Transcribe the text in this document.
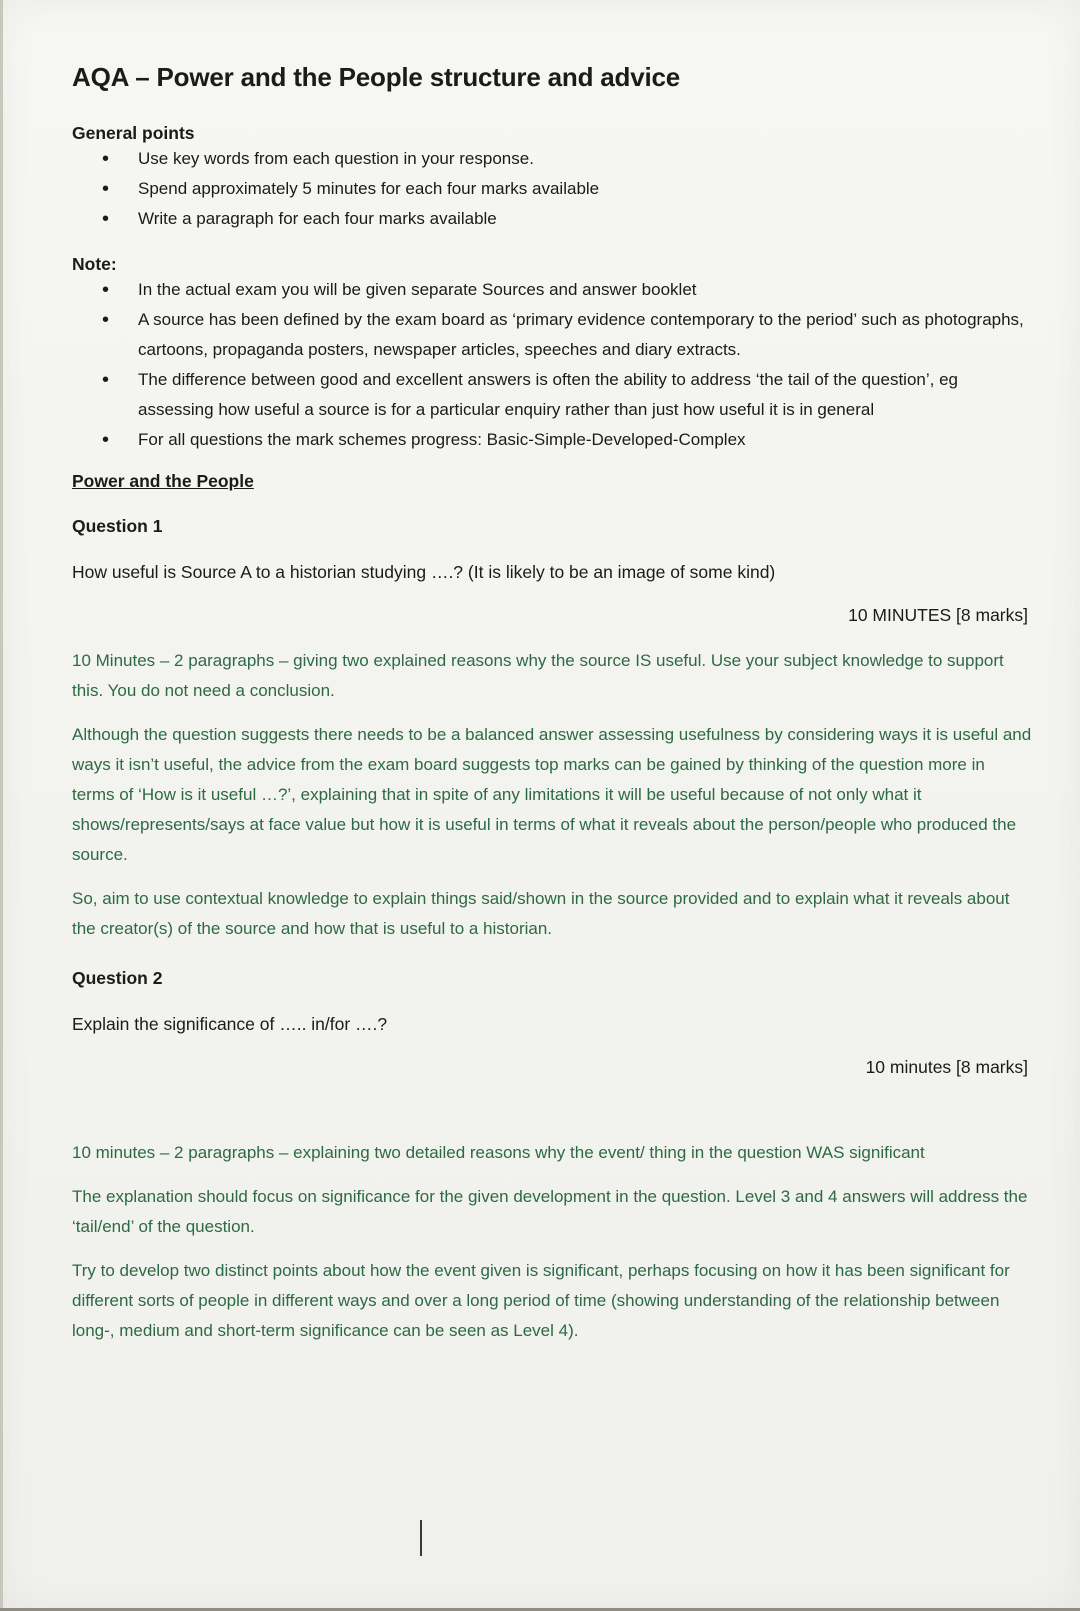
AQA – Power and the People structure and advice
General points
• Use key words from each question in your response.
• Spend approximately 5 minutes for each four marks available
• Write a paragraph for each four marks available
Note:
• In the actual exam you will be given separate Sources and answer booklet
• A source has been defined by the exam board as ‘primary evidence contemporary to the period’ such as photographs, cartoons, propaganda posters, newspaper articles, speeches and diary extracts.
• The difference between good and excellent answers is often the ability to address ‘the tail of the question’, eg assessing how useful a source is for a particular enquiry rather than just how useful it is in general
• For all questions the mark schemes progress: Basic-Simple-Developed-Complex
Power and the People
Question 1
How useful is Source A to a historian studying ….? (It is likely to be an image of some kind)
10 MINUTES [8 marks]
10 Minutes – 2 paragraphs – giving two explained reasons why the source IS useful. Use your subject knowledge to support this. You do not need a conclusion.
Although the question suggests there needs to be a balanced answer assessing usefulness by considering ways it is useful and ways it isn’t useful, the advice from the exam board suggests top marks can be gained by thinking of the question more in terms of ‘How is it useful …?’, explaining that in spite of any limitations it will be useful because of not only what it shows/represents/says at face value but how it is useful in terms of what it reveals about the person/people who produced the source.
So, aim to use contextual knowledge to explain things said/shown in the source provided and to explain what it reveals about the creator(s) of the source and how that is useful to a historian.
Question 2
Explain the significance of ….. in/for ….?
10 minutes [8 marks]
10 minutes – 2 paragraphs – explaining two detailed reasons why the event/ thing in the question WAS significant
The explanation should focus on significance for the given development in the question. Level 3 and 4 answers will address the ‘tail/end’ of the question.
Try to develop two distinct points about how the event given is significant, perhaps focusing on how it has been significant for different sorts of people in different ways and over a long period of time (showing understanding of the relationship between long-, medium and short-term significance can be seen as Level 4).
